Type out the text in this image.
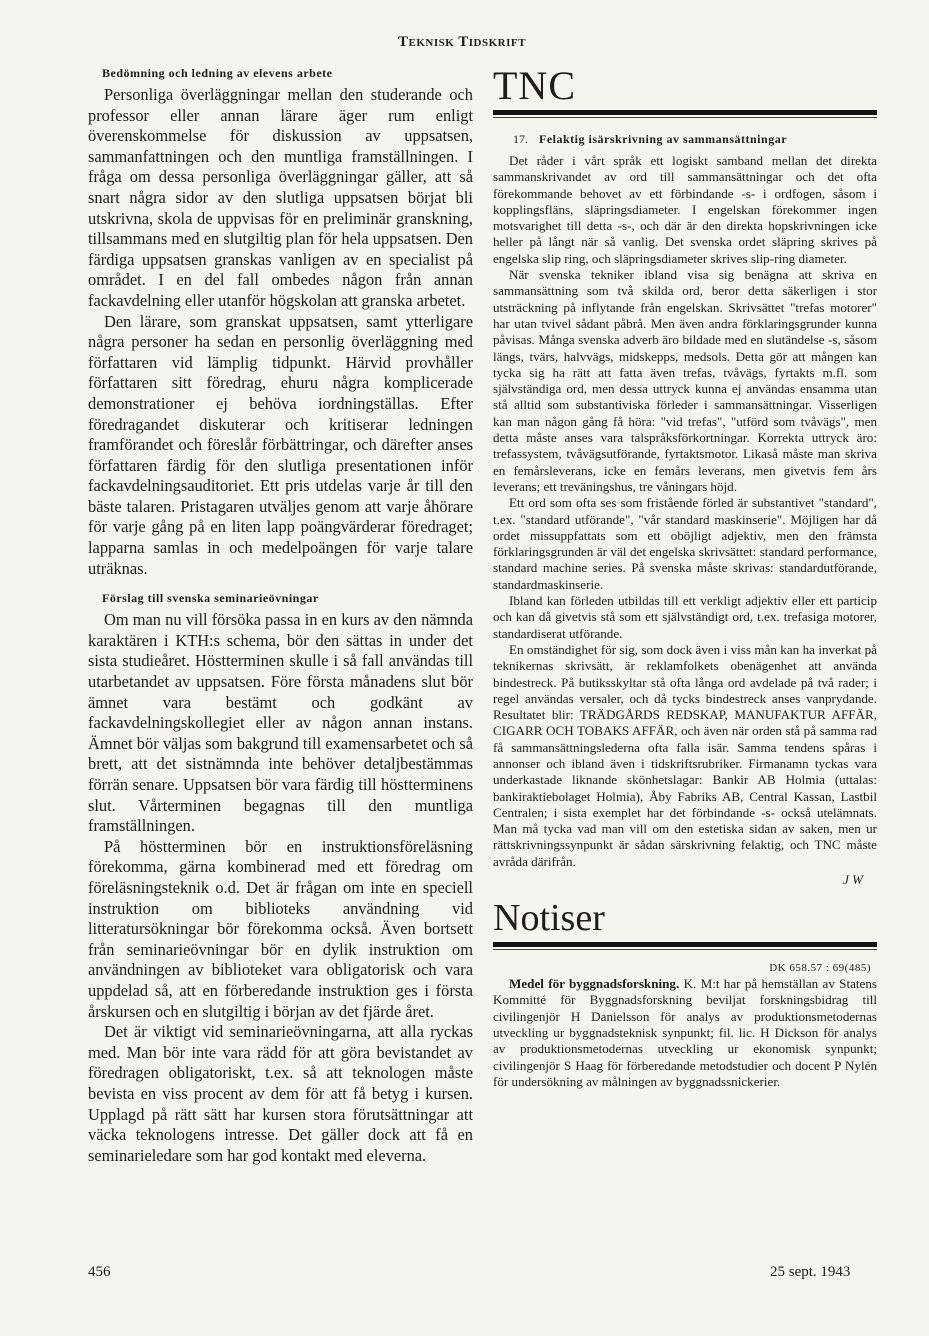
Teknisk Tidskrift
Bedömning och ledning av elevens arbete

Personliga överläggningar mellan den studerande och professor eller annan lärare äger rum enligt överenskommelse för diskussion av uppsatsen, sammanfattningen och den muntliga framställningen. I fråga om dessa personliga överläggningar gäller, att så snart några sidor av den slutliga uppsatsen börjat bli utskrivna, skola de uppvisas för en preliminär granskning, tillsammans med en slutgiltig plan för hela uppsatsen. Den färdiga uppsatsen granskas vanligen av en specialist på området. I en del fall ombedes någon från annan fackavdelning eller utanför högskolan att granska arbetet.

Den lärare, som granskat uppsatsen, samt ytterligare några personer ha sedan en personlig överläggning med författaren vid lämplig tidpunkt. Härvid provhåller författaren sitt föredrag, ehuru några komplicerade demonstrationer ej behöva iordningställas. Efter föredragandet diskuterar och kritiserar ledningen framförandet och föreslår förbättringar, och därefter anses författaren färdig för den slutliga presentationen inför fackavdelningsauditoriet. Ett pris utdelas varje år till den bäste talaren. Pristagaren utväljes genom att varje åhörare för varje gång på en liten lapp poängvärderar föredraget; lapparna samlas in och medelpoängen för varje talare uträknas.

Förslag till svenska seminarieövningar

Om man nu vill försöka passa in en kurs av den nämnda karaktären i KTH:s schema, bör den sättas in under det sista studieåret. Höstterminen skulle i så fall användas till utarbetandet av uppsatsen. Före första månadens slut bör ämnet vara bestämt och godkänt av fackavdelningskollegiet eller av någon annan instans. Ämnet bör väljas som bakgrund till examensarbetet och så brett, att det sistnämnda inte behöver detaljbestämmas förrän senare. Uppsatsen bör vara färdig till höstterminens slut. Vårterminen begagnas till den muntliga framställningen.

På höstterminen bör en instruktionsföreläsning förekomma, gärna kombinerad med ett föredrag om föreläsningsteknik o.d. Det är frågan om inte en speciell instruktion om biblioteks användning vid litteratursökningar bör förekomma också. Även bortsett från seminarieövningar bör en dylik instruktion om användningen av biblioteket vara obligatorisk och vara uppdelad så, att en förberedande instruktion ges i första årskursen och en slutgiltig i början av det fjärde året.

Det är viktigt vid seminarieövningarna, att alla ryckas med. Man bör inte vara rädd för att göra bevistandet av föredragen obligatoriskt, t.ex. så att teknologen måste bevista en viss procent av dem för att få betyg i kursen. Upplagd på rätt sätt har kursen stora förutsättningar att väcka teknologens intresse. Det gäller dock att få en seminarieledare som har god kontakt med eleverna.

TNC
17. Felaktig isärskrivning av sammansättningar

Det råder i vårt språk ett logiskt samband mellan det direkta sammanskrivandet av ord till sammansättningar och det ofta förekommande behovet av ett förbindande -s- i ordfogen, såsom i kopplingsfläns, släpringsdiameter. I engelskan förekommer ingen motsvarighet till detta -s-, och där är den direkta hopskrivningen icke heller på långt när så vanlig. Det svenska ordet släpring skrives på engelska slip ring, och släpringsdiameter skrives slip-ring diameter.

När svenska tekniker ibland visa sig benägna att skriva en sammansättning som två skilda ord, beror detta säkerligen i stor utsträckning på inflytande från engelskan. Skrivsättet "trefas motorer" har utan tvivel sådant påbrå. Men även andra förklaringsgrunder kunna påvisas. Många svenska adverb äro bildade med en slutändelse -s, såsom längs, tvärs, halvvägs, midskepps, medsols. Detta gör att mången kan tycka sig ha rätt att fatta även trefas, tvåvägs, fyrtakts m.fl. som självständiga ord, men dessa uttryck kunna ej användas ensamma utan stå alltid som substantiviska förleder i sammansättningar. Visserligen kan man någon gång få höra: "vid trefas", "utförd som tvåvägs", men detta måste anses vara talspråksförkortningar. Korrekta uttryck äro: trefassystem, tvåvägsutförande, fyrtaktsmotor. Likaså måste man skriva en femårsleverans, icke en femårs leverans, men givetvis fem års leverans; ett treväningshus, tre våningars höjd.

Ett ord som ofta ses som fristående förled är substantivet "standard", t.ex. "standard utförande", "vår standard maskinserie". Möjligen har då ordet missuppfattats som ett oböjligt adjektiv, men den främsta förklaringsgrunden är väl det engelska skrivsättet: standard performance, standard machine series. På svenska måste skrivas: standardutförande, standardmaskinserie.

Ibland kan förleden utbildas till ett verkligt adjektiv eller ett particip och kan då givetvis stå som ett självständigt ord, t.ex. trefasiga motorer, standardiserat utförande.

En omständighet för sig, som dock även i viss mån kan ha inverkat på teknikernas skrivsätt, är reklamfolkets obenägenhet att använda bindestreck. På butiksskyltar stå ofta långa ord avdelade på två rader; i regel användas versaler, och då tycks bindestreck anses vanprydande. Resultatet blir: TRÄDGÅRDS REDSKAP, MANUFAKTUR AFFÄR, CIGARR OCH TOBAKS AFFÄR, och även när orden stå på samma rad få sammansättningslederna ofta falla isär. Samma tendens spåras i annonser och ibland även i tidskriftsrubriker. Firmanamn tyckas vara underkastade liknande skönhetslagar: Bankir AB Holmia (uttalas: bankiraktiebolaget Holmia), Åby Fabriks AB, Central Kassan, Lastbil Centralen; i sista exemplet har det förbindande -s- också utelämnats. Man må tycka vad man vill om den estetiska sidan av saken, men ur rättskrivningssynpunkt är sådan särskrivning felaktig, och TNC måste avråda därifrån.

J W
Notiser
DK 658.57 : 69(485)

Medel för byggnadsforskning. K. M:t har på hemställan av Statens Kommitté för Byggnadsforskning beviljat forskningsbidrag till civilingenjör H Danielsson för analys av produktionsmetodernas utveckling ur byggnadsteknisk synpunkt; fil. lic. H Dickson för analys av produktionsmetodernas utveckling ur ekonomisk synpunkt; civilingenjör S Haag för förberedande metodstudier och docent P Nylén för undersökning av målningen av byggnadssnickerier.

456	25 sept. 1943
